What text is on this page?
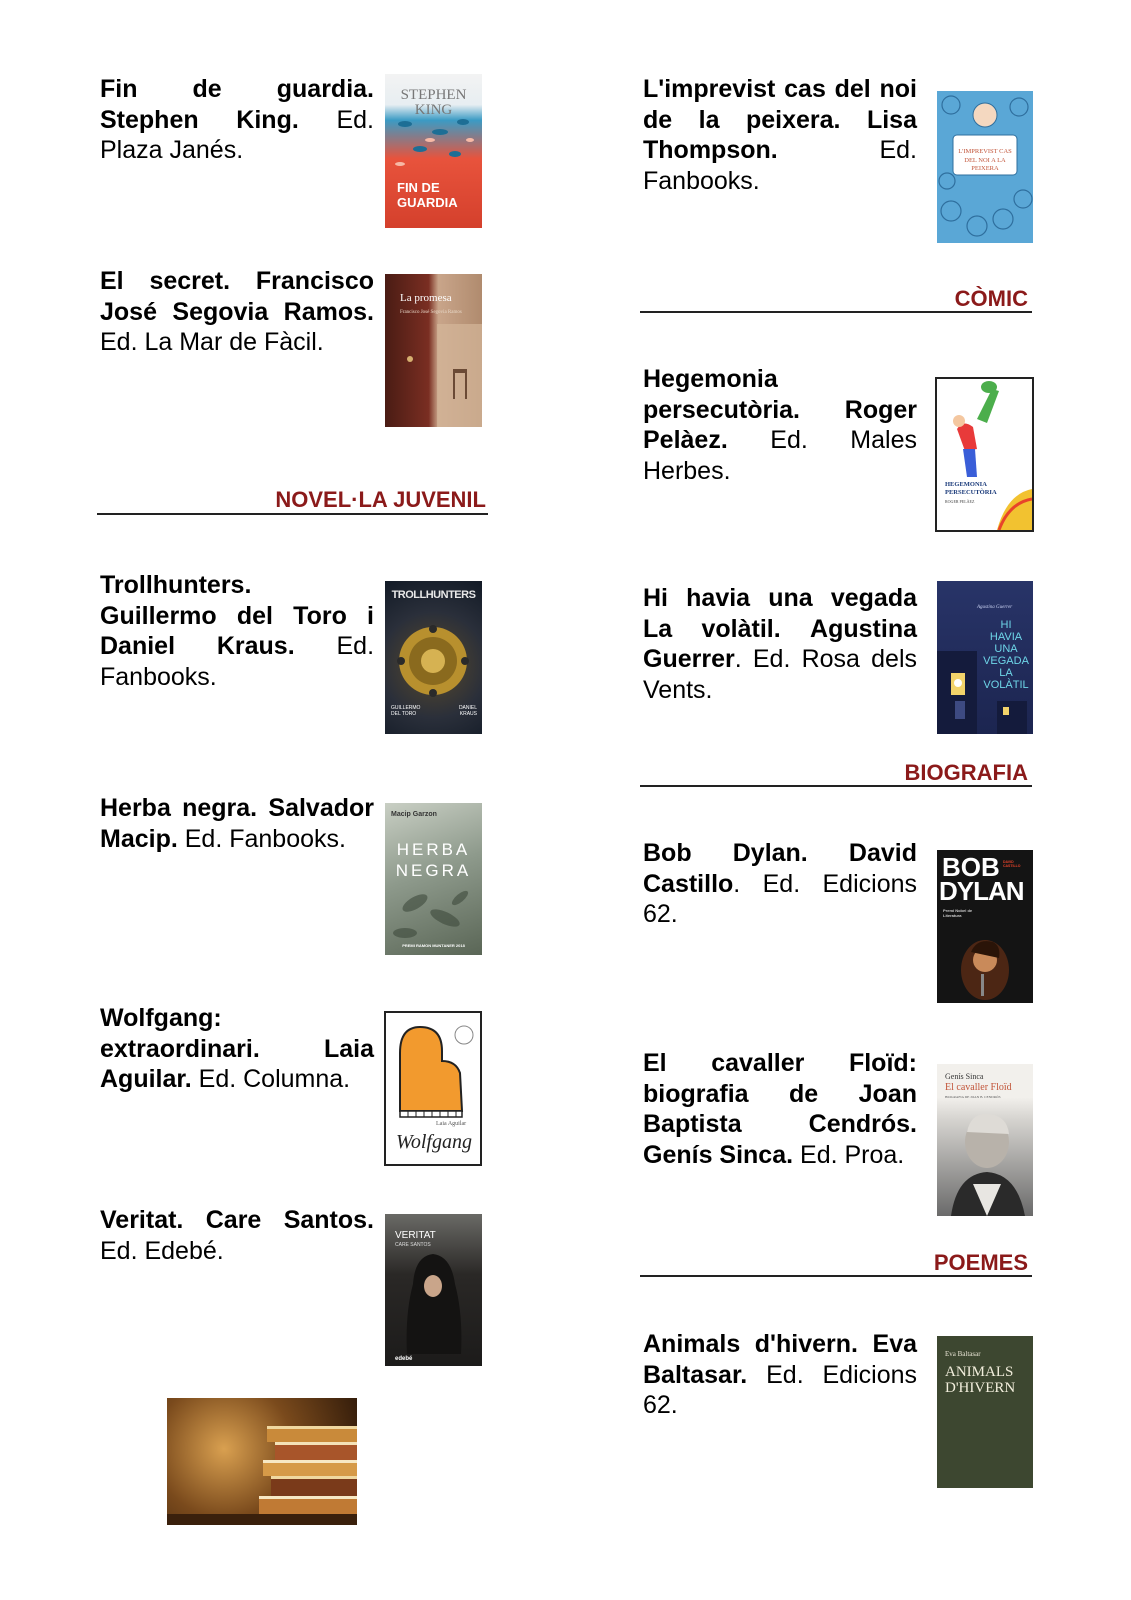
Fin de guardia. Stephen King. Ed. Plaza Janés.
STEPHEN KING
FIN DE GUARDIA
El secret. Francisco José Segovia Ramos. Ed. La Mar de Fàcil.
La promesa
Francisco José Segovia Ramos
NOVEL·LA JUVENIL
Trollhunters. Guillermo del Toro i Daniel Kraus. Ed. Fanbooks.
TROLLHUNTERS
GUILLERMO DEL TORO
DANIEL KRAUS
Herba negra. Salvador Macip. Ed. Fanbooks.
Macip Garzon
HERBA NEGRA
PREMI RAMON MUNTANER 2018
Wolfgang: extraordinari.	Laia Aguilar. Ed. Columna.
Laia Aguilar
Wolfgang
Veritat. Care Santos. Ed. Edebé.
VERITAT
CARE SANTOS
edebé
L'imprevist cas del noi de la peixera. Lisa Thompson.	Ed. Fanbooks.
L'IMPREVIST CAS DEL NOI A LA PEIXERA
CÒMIC
Hegemonia persecutòria. Roger Pelàez. Ed. Males Herbes.	HEGEMONIA PERSECUTÒRIA
ROGER PELÀEZ
Hi havia una vegada La volàtil. Agustina Guerrer. Ed. Rosa dels Vents.
Agustina Guerrer
HI HAVIA UNA VEGADA LA VOLÀTIL
BIOGRAFIA
Bob Dylan. David Castillo. Ed. Edicions 62.
BOB
DYLAN
DAVID CASTILLO
Premi Nobel de Literatura
El cavaller Floïd: biografia de Joan Baptista Cendrós. Genís Sinca. Ed. Proa.
Genís Sinca
El cavaller Floïd
BIOGRAFIA DE JOAN B. CENDRÓS
POEMES
Animals d'hivern. Eva Baltasar. Ed. Edicions 62.
Eva Baltasar
ANIMALS D'HIVERN
